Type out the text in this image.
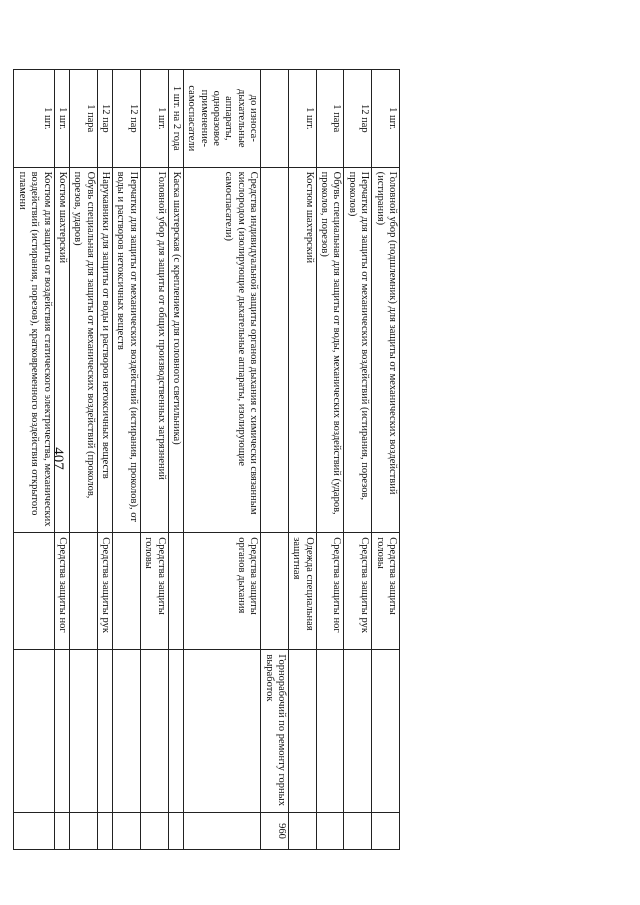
407
1 шт.	Головной убор (подшлемник) для защиты от механических воздействий (истирания)	Средства защиты головы		
12 пар	Перчатки для защиты от механических воздействий (истирания, порезов, проколов)	Средства защиты рук		
1 пара	Обувь специальная для защиты от воды, механических воздействий (ударов, проколов, порезов)	Средства защиты ног		
1 шт.	Костюм шахтерский	Одежда специальная защитная		
			Горнорабочий по ремонту горных выработок	960
до износа- дыхательные аппараты, одноразовое применение- самоспасатели	Средства индивидуальной защиты органов дыхания с химически связанным кислородом (изолирующие дыхательные аппараты, изолирующие самоспасатели)	Средства защиты органов дыхания		
1 шт. на 2 года	Каска шахтерская (с креплением для головного светильника)			
1 шт.	Головной убор для защиты от общих производственных загрязнений	Средства защиты головы		
12 пар	Перчатки для защиты от механических воздействий (истирания, проколов), от воды и растворов нетоксичных веществ			
12 пар	Нарукавники для защиты от воды и растворов нетоксичных веществ	Средства защиты рук		
1 пара	Обувь специальная для защиты от механических воздействий (проколов, порезов, ударов)			
1 шт.	Костюм шахтерский	Средства защиты ног		
1 шт.	Костюм для защиты от воздействия статического электричества, механических воздействий (истирания, порезов), кратковременного воздействия открытого пламени			
